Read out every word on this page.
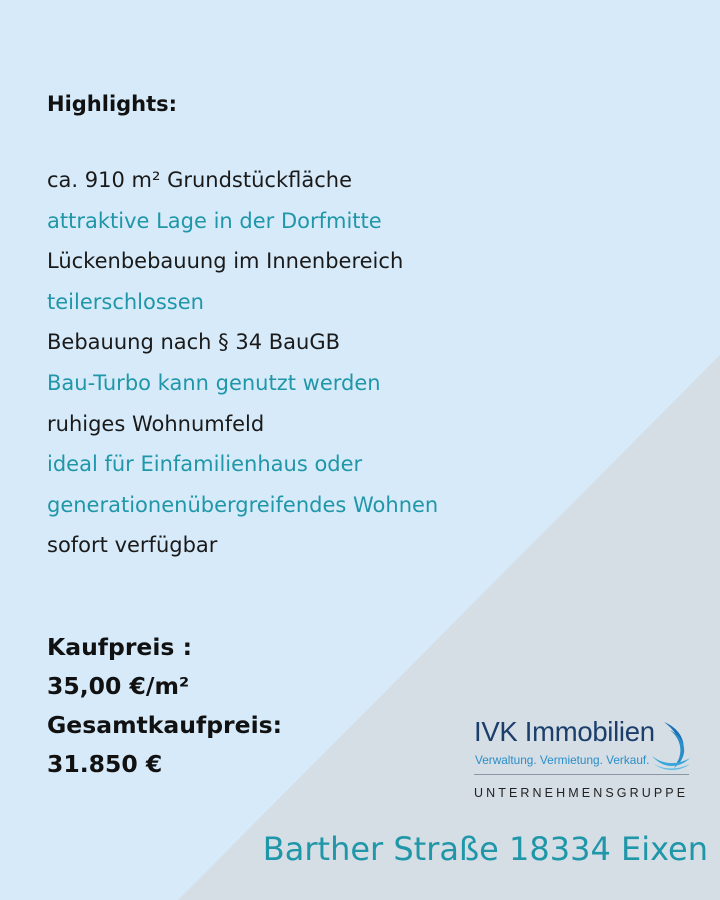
Highlights:
ca. 910 m² Grundstückfläche
attraktive Lage in der Dorfmitte
Lückenbebauung im Innenbereich
teilerschlossen
Bebauung nach § 34 BauGB
Bau-Turbo kann genutzt werden
ruhiges Wohnumfeld
ideal für Einfamilienhaus oder
generationenübergreifendes Wohnen
sofort verfügbar
Kaufpreis :
35,00 €/m²
Gesamtkaufpreis:
31.850 €
IVK Immobilien
Verwaltung. Vermietung. Verkauf.
UNTERNEHMENSGRUPPE
Barther Straße 18334 Eixen
